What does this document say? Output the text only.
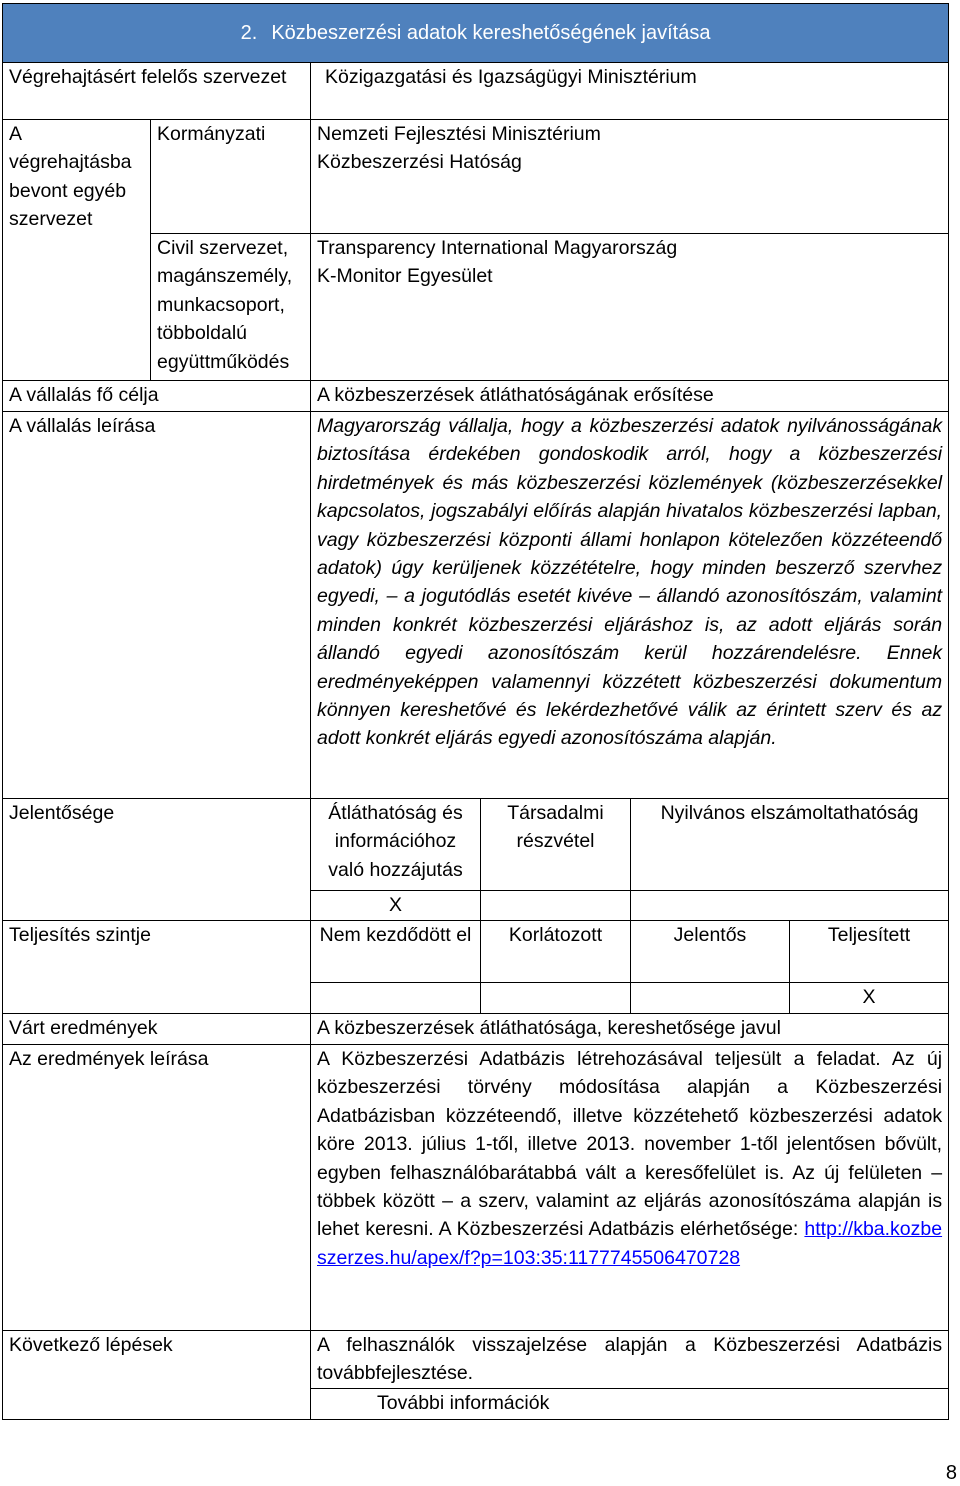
2. Közbeszerzési adatok kereshetőségének javítása					
Végrehajtásért felelős szervezet		Közigazgatási és Igazságügyi Minisztérium			
A végrehajtásba bevont egyéb szervezet	Kormányzati	Nemzeti Fejlesztési Minisztérium
Közbeszerzési Hatóság			

	Civil szervezet, magánszemély, munkacsoport, többoldalú együttműködés	Transparency International Magyarország
K-Monitor Egyesület			

A vállalás fő célja		A közbeszerzések átláthatóságának erősítése			
A vállalás leírása		Magyarország vállalja, hogy a közbeszerzési adatok nyilvánosságának biztosítása érdekében gondoskodik arról, hogy a közbeszerzési hirdetmények és más közbeszerzési közlemények (közbeszerzésekkel kapcsolatos, jogszabályi előírás alapján hivatalos közbeszerzési lapban, vagy közbeszerzési központi állami honlapon kötelezően közzéteendő adatok) úgy kerüljenek közzétételre, hogy minden beszerző szervhez egyedi, – a jogutódlás esetét kivéve – állandó azonosítószám, valamint minden konkrét közbeszerzési eljáráshoz is, az adott eljárás során állandó egyedi azonosítószám kerül hozzárendelésre. Ennek eredményeképpen valamennyi közzétett közbeszerzési dokumentum könnyen kereshetővé és lekérdezhetővé válik az érintett szerv és az adott konkrét eljárás egyedi azonosítószáma alapján.			
Jelentősége		Átláthatóság és információhoz való hozzájutás	Társadalmi részvétel	Nyilvános elszámoltathatóság	
		X			
Teljesítés szintje		Nem kezdődött el	Korlátozott	Jelentős	Teljesített
					X
Várt eredmények		A közbeszerzések átláthatósága, kereshetősége javul			
Az eredmények leírása		A Közbeszerzési Adatbázis létrehozásával teljesült a feladat. Az új közbeszerzési törvény módosítása alapján a Közbeszerzési Adatbázisban közzéteendő, illetve közzétehető közbeszerzési adatok köre 2013. július 1-től, illetve 2013. november 1-től jelentősen bővült, egyben felhasználóbarátabbá vált a keresőfelület is. Az új felületen – többek között – a szerv, valamint az eljárás azonosítószáma alapján is lehet keresni. A Közbeszerzési Adatbázis elérhetősége: http://kba.kozbeszerzes.hu/apex/f?p=103:35:1177745506470728			
Következő lépések		A felhasználók visszajelzése alapján a Közbeszerzési Adatbázis továbbfejlesztése.			
		További információk			
8
